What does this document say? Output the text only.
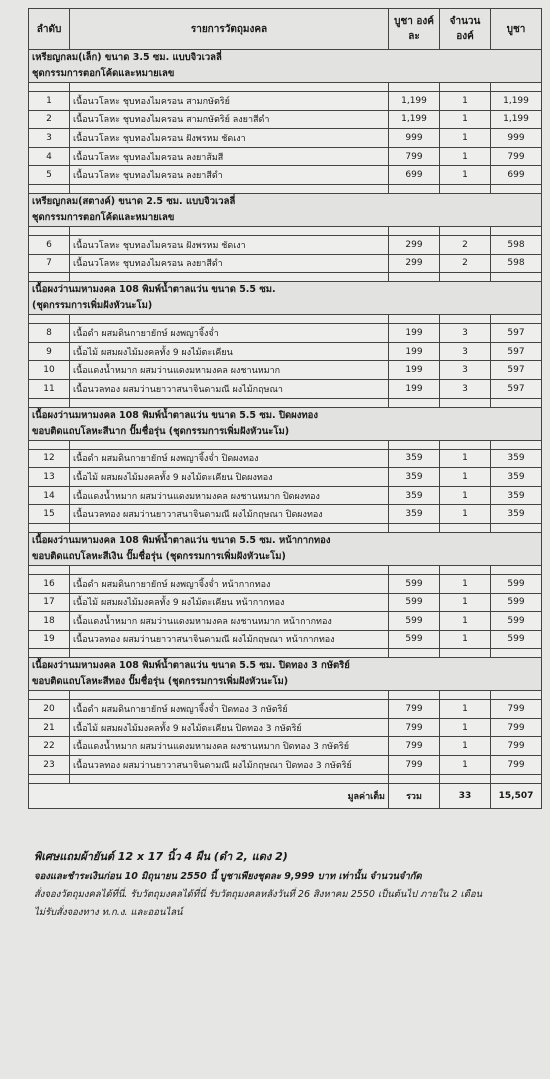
ลำดับ	รายการวัตถุมงคล	บูชา องค์ละ	จำนวน องค์	บูชา

เหรียญกลม(เล็ก) ขนาด 3.5 ซม. แบบจิวเวลลี่
ชุดกรรมการตอกโค้ดและหมายเลข				

1	เนื้อนวโลหะ ชุบทองไมครอน สามกษัตริย์	1,199	1	1,199
2	เนื้อนวโลหะ ชุบทองไมครอน สามกษัตริย์ ลงยาสีดำ	1,199	1	1,199
3	เนื้อนวโลหะ ชุบทองไมครอน ฝังพรหม ชัดเงา	999	1	999
4	เนื้อนวโลหะ ชุบทองไมครอน ลงยาส้มสี	799	1	799
5	เนื้อนวโลหะ ชุบทองไมครอน ลงยาสีดำ	699	1	699

เหรียญกลม(สตางค์) ขนาด 2.5 ซม. แบบจิวเวลลี่
ชุดกรรมการตอกโค้ดและหมายเลข				

6	เนื้อนวโลหะ ชุบทองไมครอน ฝังพรหม ชัดเงา	299	2	598
7	เนื้อนวโลหะ ชุบทองไมครอน ลงยาสีดำ	299	2	598

เนื้อผงว่านมหามงคล 108 พิมพ์น้ำตาลแว่น ขนาด 5.5 ซม.
(ชุดกรรมการเพิ่มฝังหัวนะโม)				

8	เนื้อดำ ผสมดินกายายักษ์ ผงพญาจิ้งจ่ำ	199	3	597
9	เนื้อไม้ ผสมผงไม้มงคลทั้ง 9 ผงไม้ตะเคียน	199	3	597
10	เนื้อแดงน้ำหมาก ผสมว่านแดงมหามงคล ผงชานหมาก	199	3	597
11	เนื้อนวลทอง ผสมว่านยาวาสนาจินดามณี ผงไม้กฤษณา	199	3	597

เนื้อผงว่านมหามงคล 108 พิมพ์น้ำตาลแว่น ขนาด 5.5 ซม. ปิดผงทอง
ขอบติดแถบโลหะสีนาก ปั๊มชื่อรุ่น (ชุดกรรมการเพิ่มฝังหัวนะโม)				

12	เนื้อดำ ผสมดินกายายักษ์ ผงพญาจิ้งจ่ำ ปิดผงทอง	359	1	359
13	เนื้อไม้ ผสมผงไม้มงคลทั้ง 9 ผงไม้ตะเคียน ปิดผงทอง	359	1	359
14	เนื้อแดงน้ำหมาก ผสมว่านแดงมหามงคล ผงชานหมาก ปิดผงทอง	359	1	359
15	เนื้อนวลทอง ผสมว่านยาวาสนาจินดามณี ผงไม้กฤษณา ปิดผงทอง	359	1	359

เนื้อผงว่านมหามงคล 108 พิมพ์น้ำตาลแว่น ขนาด 5.5 ซม. หน้ากากทอง
ขอบติดแถบโลหะสีเงิน ปั๊มชื่อรุ่น (ชุดกรรมการเพิ่มฝังหัวนะโม)				

16	เนื้อดำ ผสมดินกายายักษ์ ผงพญาจิ้งจ่ำ หน้ากากทอง	599	1	599
17	เนื้อไม้ ผสมผงไม้มงคลทั้ง 9 ผงไม้ตะเคียน หน้ากากทอง	599	1	599
18	เนื้อแดงน้ำหมาก ผสมว่านแดงมหามงคล ผงชานหมาก หน้ากากทอง	599	1	599
19	เนื้อนวลทอง ผสมว่านยาวาสนาจินดามณี ผงไม้กฤษณา หน้ากากทอง	599	1	599

เนื้อผงว่านมหามงคล 108 พิมพ์น้ำตาลแว่น ขนาด 5.5 ซม. ปิดทอง 3 กษัตริย์
ขอบติดแถบโลหะสีทอง ปั๊มชื่อรุ่น (ชุดกรรมการเพิ่มฝังหัวนะโม)				

20	เนื้อดำ ผสมดินกายายักษ์ ผงพญาจิ้งจ่ำ ปิดทอง 3 กษัตริย์	799	1	799
21	เนื้อไม้ ผสมผงไม้มงคลทั้ง 9 ผงไม้ตะเคียน ปิดทอง 3 กษัตริย์	799	1	799
22	เนื้อแดงน้ำหมาก ผสมว่านแดงมหามงคล ผงชานหมาก ปิดทอง 3 กษัตริย์	799	1	799
23	เนื้อนวลทอง ผสมว่านยาวาสนาจินดามณี ผงไม้กฤษณา ปิดทอง 3 กษัตริย์	799	1	799

มูลค่าเต็ม		รวม	33	15,507
พิเศษแถมผ้ายันต์ 12 x 17 นิ้ว 4 ผืน (ดำ 2, แดง 2)
จองและชำระเงินก่อน 10 มิถุนายน 2550 นี้ บูชาเพียงชุดละ 9,999 บาท เท่านั้น จำนวนจำกัด
สั่งจองวัตถุมงคลได้ที่นี่. รับวัตถุมงคลได้ที่นี่ รับวัตถุมงคลหลังวันที่ 26 สิงหาคม 2550 เป็นต้นไป ภายใน 2 เดือน
ไม่รับสั่งจองทาง ท.ก.ง. และออนไลน์
